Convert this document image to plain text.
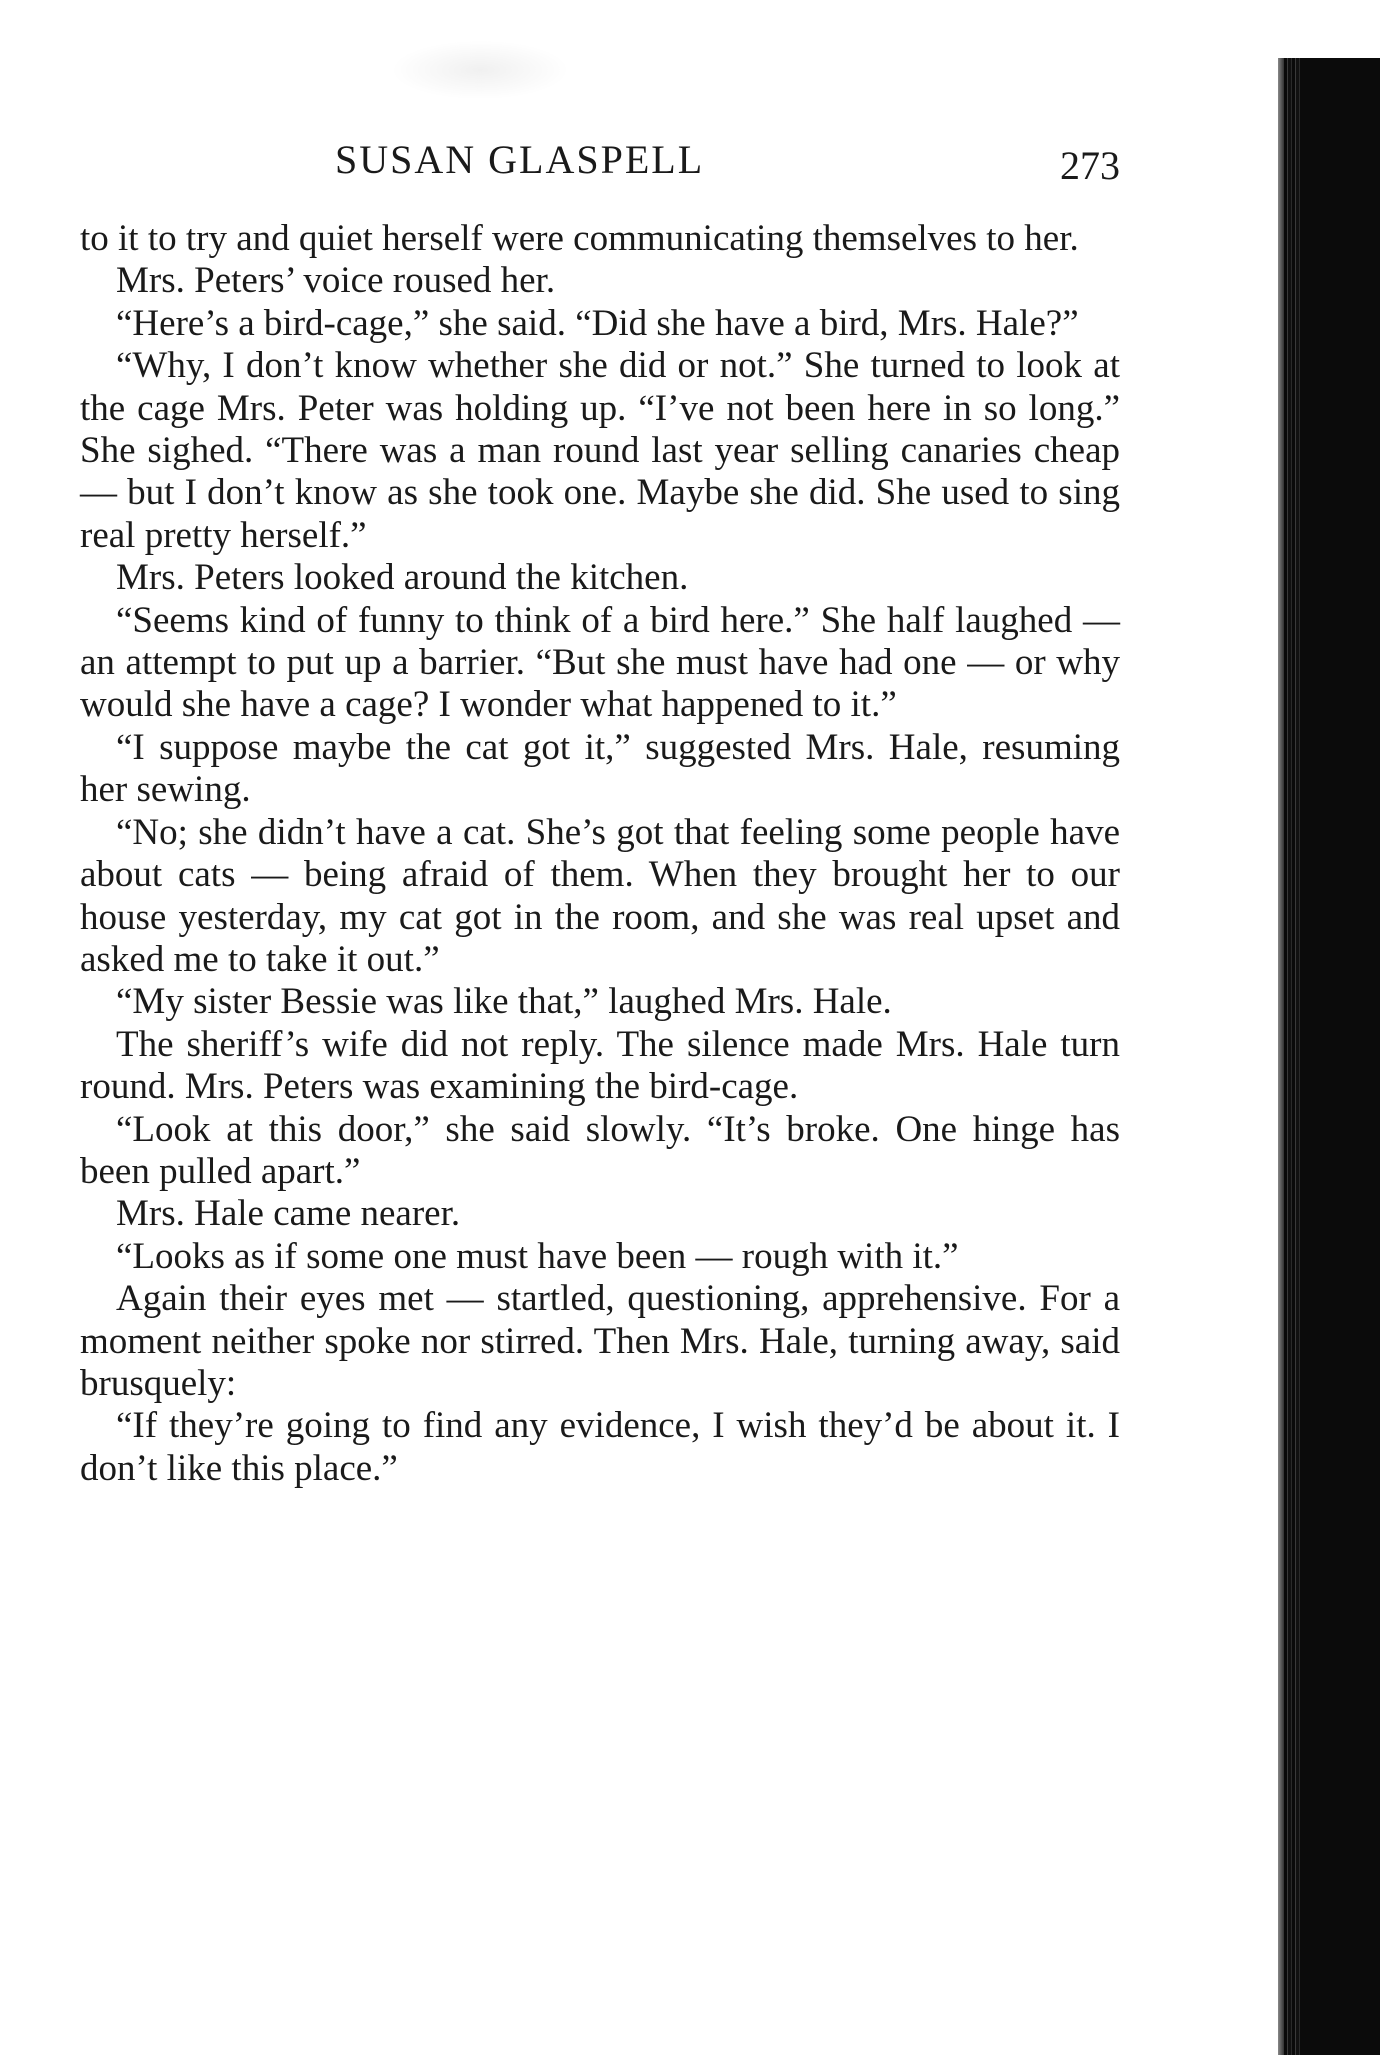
SUSAN GLASPELL	273

to it to try and quiet herself were communicating themselves to her.

Mrs. Peters’ voice roused her.

“Here’s a bird-cage,” she said. “Did she have a bird, Mrs. Hale?”

“Why, I don’t know whether she did or not.” She turned to look at the cage Mrs. Peter was holding up. “I’ve not been here in so long.” She sighed. “There was a man round last year selling canaries cheap — but I don’t know as she took one. Maybe she did. She used to sing real pretty herself.”

Mrs. Peters looked around the kitchen.

“Seems kind of funny to think of a bird here.” She half laughed — an attempt to put up a barrier. “But she must have had one — or why would she have a cage? I wonder what happened to it.”

“I suppose maybe the cat got it,” suggested Mrs. Hale, resuming her sewing.

“No; she didn’t have a cat. She’s got that feeling some people have about cats — being afraid of them. When they brought her to our house yesterday, my cat got in the room, and she was real upset and asked me to take it out.”

“My sister Bessie was like that,” laughed Mrs. Hale.

The sheriff’s wife did not reply. The silence made Mrs. Hale turn round. Mrs. Peters was examining the bird-cage.

“Look at this door,” she said slowly. “It’s broke. One hinge has been pulled apart.”

Mrs. Hale came nearer.

“Looks as if some one must have been — rough with it.”

Again their eyes met — startled, questioning, apprehensive. For a moment neither spoke nor stirred. Then Mrs. Hale, turning away, said brusquely:

“If they’re going to find any evidence, I wish they’d be about it. I don’t like this place.”
